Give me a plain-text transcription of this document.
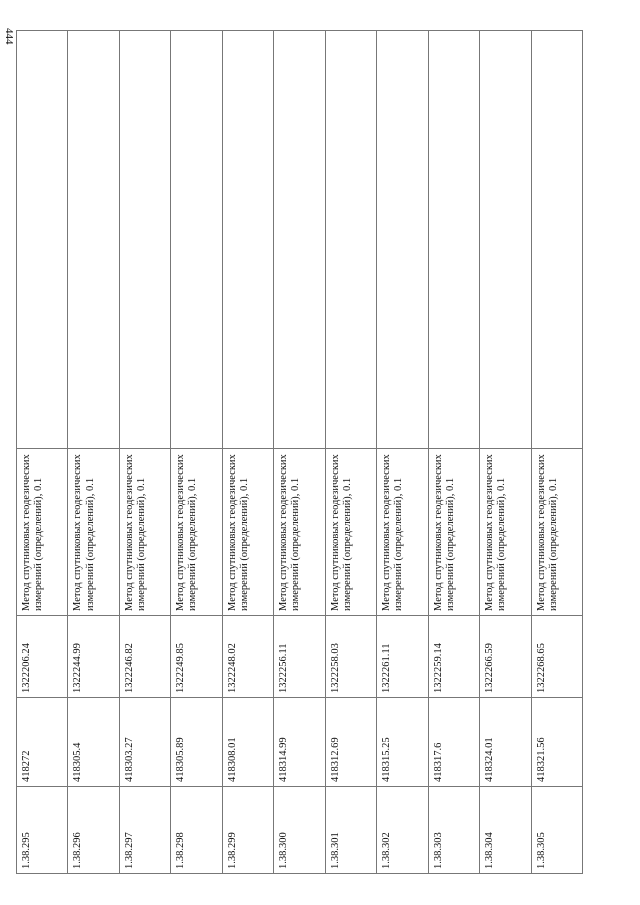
444
1.38.295	418272	1322206.24	Метод спутниковых геодезических измерений (определений), 0.1	
1.38.296	418305.4	1322244.99	Метод спутниковых геодезических измерений (определений), 0.1	
1.38.297	418303.27	1322246.82	Метод спутниковых геодезических измерений (определений), 0.1	
1.38.298	418305.89	1322249.85	Метод спутниковых геодезических измерений (определений), 0.1	
1.38.299	418308.01	1322248.02	Метод спутниковых геодезических измерений (определений), 0.1	
1.38.300	418314.99	1322256.11	Метод спутниковых геодезических измерений (определений), 0.1	
1.38.301	418312.69	1322258.03	Метод спутниковых геодезических измерений (определений), 0.1	
1.38.302	418315.25	1322261.11	Метод спутниковых геодезических измерений (определений), 0.1	
1.38.303	418317.6	1322259.14	Метод спутниковых геодезических измерений (определений), 0.1	
1.38.304	418324.01	1322266.59	Метод спутниковых геодезических измерений (определений), 0.1	
1.38.305	418321.56	1322268.65	Метод спутниковых геодезических измерений (определений), 0.1	
